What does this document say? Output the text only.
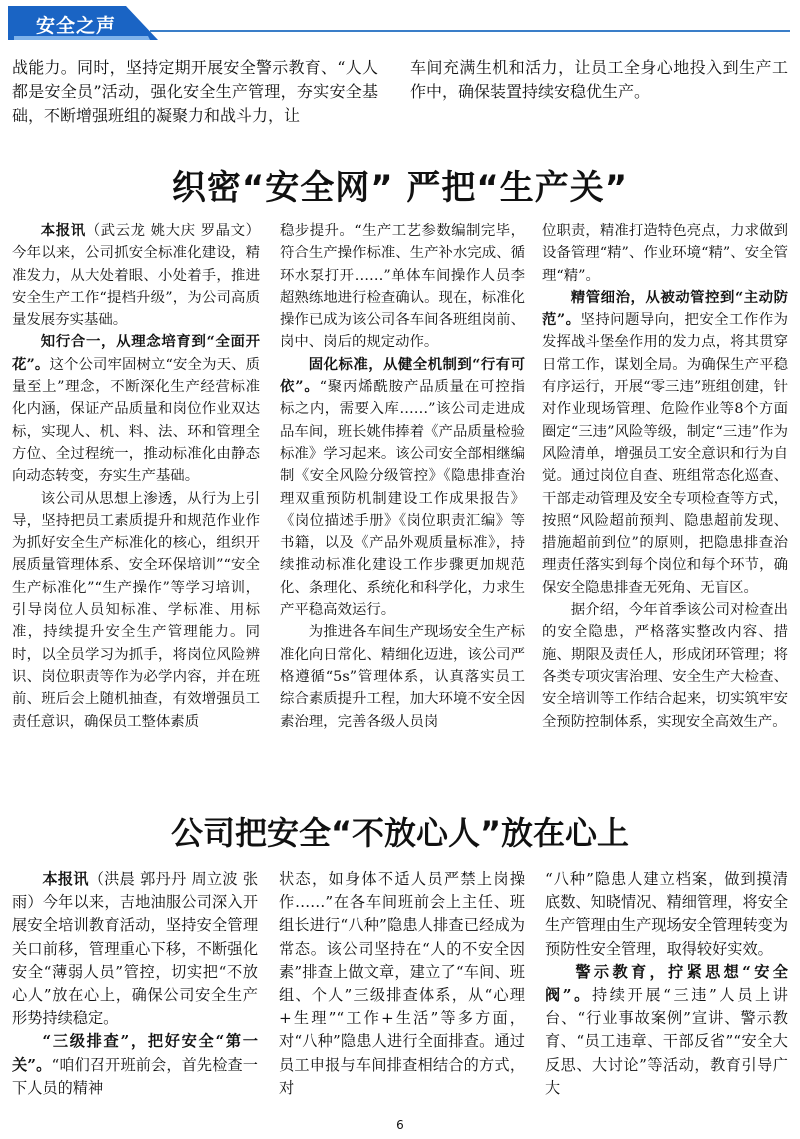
安全之声

战能力。同时，坚持定期开展安全警示教育、“人人都是安全员”活动，强化安全生产管理，夯实安全基础，不断增强班组的凝聚力和战斗力，让

车间充满生机和活力，让员工全身心地投入到生产工作中，确保装置持续安稳优生产。

织密“安全网” 严把“生产关”

本报讯（武云龙 姚大庆 罗晶文）今年以来，公司抓安全标准化建设，精准发力，从大处着眼、小处着手，推进安全生产工作“提档升级”，为公司高质量发展夯实基础。

知行合一，从理念培育到“全面开花”。这个公司牢固树立“安全为天、质量至上”理念，不断深化生产经营标准化内涵，保证产品质量和岗位作业双达标，实现人、机、料、法、环和管理全方位、全过程统一，推动标准化由静态向动态转变，夯实生产基础。

该公司从思想上渗透，从行为上引导，坚持把员工素质提升和规范作业作为抓好安全生产标准化的核心，组织开展质量管理体系、安全环保培训”“安全生产标准化”“生产操作”等学习培训，引导岗位人员知标准、学标准、用标准，持续提升安全生产管理能力。同时，以全员学习为抓手，将岗位风险辨识、岗位职责等作为必学内容，并在班前、班后会上随机抽查，有效增强员工责任意识，确保员工整体素质

稳步提升。“生产工艺参数编制完毕，符合生产操作标准、生产补水完成、循环水泵打开……”单体车间操作人员李超熟练地进行检查确认。现在，标准化操作已成为该公司各车间各班组岗前、岗中、岗后的规定动作。

固化标准，从健全机制到“行有可依”。“聚丙烯酰胺产品质量在可控指标之内，需要入库……”该公司走进成品车间，班长姚伟捧着《产品质量检验标准》学习起来。该公司安全部相继编制《安全风险分级管控》《隐患排查治理双重预防机制建设工作成果报告》《岗位描述手册》《岗位职责汇编》等书籍，以及《产品外观质量标准》，持续推动标准化建设工作步骤更加规范化、条理化、系统化和科学化，力求生产平稳高效运行。

为推进各车间生产现场安全生产标准化向日常化、精细化迈进，该公司严格遵循“5s”管理体系，认真落实员工综合素质提升工程，加大环境不安全因素治理，完善各级人员岗

位职责，精准打造特色亮点，力求做到设备管理“精”、作业环境“精”、安全管理“精”。

精管细治，从被动管控到“主动防范”。坚持问题导向，把安全工作作为发挥战斗堡垒作用的发力点，将其贯穿日常工作，谋划全局。为确保生产平稳有序运行，开展“零三违”班组创建，针对作业现场管理、危险作业等8个方面圈定“三违”风险等级，制定“三违”作为风险清单，增强员工安全意识和行为自觉。通过岗位自查、班组常态化巡查、干部走动管理及安全专项检查等方式，按照“风险超前预判、隐患超前发现、措施超前到位”的原则，把隐患排查治理责任落实到每个岗位和每个环节，确保安全隐患排查无死角、无盲区。

据介绍，今年首季该公司对检查出的安全隐患，严格落实整改内容、措施、期限及责任人，形成闭环管理；将各类专项灾害治理、安全生产大检查、安全培训等工作结合起来，切实筑牢安全预防控制体系，实现安全高效生产。

公司把安全“不放心人”放在心上

本报讯（洪晨 郭丹丹 周立波 张雨）今年以来，吉地油服公司深入开展安全培训教育活动，坚持安全管理关口前移，管理重心下移，不断强化安全“薄弱人员”管控，切实把“不放心人”放在心上，确保公司安全生产形势持续稳定。

“三级排查”，把好安全“第一关”。“咱们召开班前会，首先检查一下人员的精神

状态，如身体不适人员严禁上岗操作……”在各车间班前会上主任、班组长进行“八种”隐患人排查已经成为常态。该公司坚持在“人的不安全因素”排查上做文章，建立了“车间、班组、个人”三级排查体系，从“心理+生理”“工作+生活”等多方面，对“八种”隐患人进行全面排查。通过员工申报与车间排查相结合的方式，对

“八种”隐患人建立档案，做到摸清底数、知晓情况、精细管理，将安全生产管理由生产现场安全管理转变为预防性安全管理，取得较好实效。

警示教育，拧紧思想“安全阀”。持续开展“三违”人员上讲台、“行业事故案例”宣讲、警示教育、“员工违章、干部反省”“安全大反思、大讨论”等活动，教育引导广大

6
